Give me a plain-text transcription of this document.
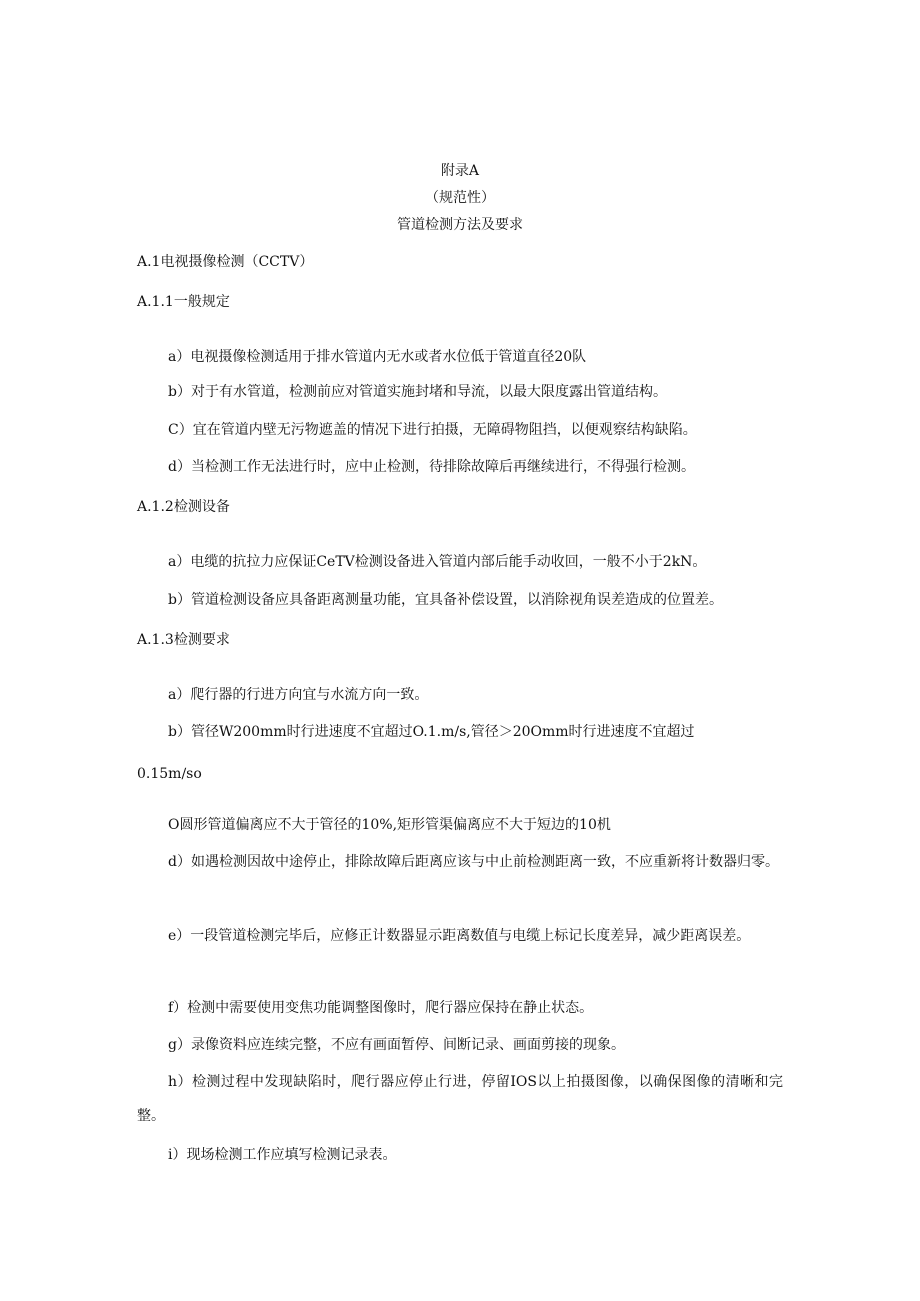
附录A

（规范性）

管道检测方法及要求

A.1电视摄像检测（CCTV）

A.1.1一般规定

a）电视摄像检测适用于排水管道内无水或者水位低于管道直径20队

b）对于有水管道，检测前应对管道实施封堵和导流，以最大限度露出管道结构。

C）宜在管道内壁无污物遮盖的情况下进行拍摄，无障碍物阻挡，以便观察结构缺陷。

d）当检测工作无法进行时，应中止检测，待排除故障后再继续进行，不得强行检测。

A.1.2检测设备

a）电缆的抗拉力应保证CeTV检测设备进入管道内部后能手动收回，一般不小于2kN。

b）管道检测设备应具备距离测量功能，宜具备补偿设置，以消除视角误差造成的位置差。

A.1.3检测要求

a）爬行器的行进方向宜与水流方向一致。

b）管径W200mm时行进速度不宜超过O.1.m∕s,管径＞20Omm时行进速度不宜超过

0.15m∕so

O圆形管道偏离应不大于管径的10%,矩形管渠偏离应不大于短边的10机

d）如遇检测因故中途停止，排除故障后距离应该与中止前检测距离一致，不应重新将计数器归零。

e）一段管道检测完毕后，应修正计数器显示距离数值与电缆上标记长度差异，减少距离误差。

f）检测中需要使用变焦功能调整图像时，爬行器应保持在静止状态。

g）录像资料应连续完整，不应有画面暂停、间断记录、画面剪接的现象。

h）检测过程中发现缺陷时，爬行器应停止行进，停留IOS以上拍摄图像，以确保图像的清晰和完整。

i）现场检测工作应填写检测记录表。
